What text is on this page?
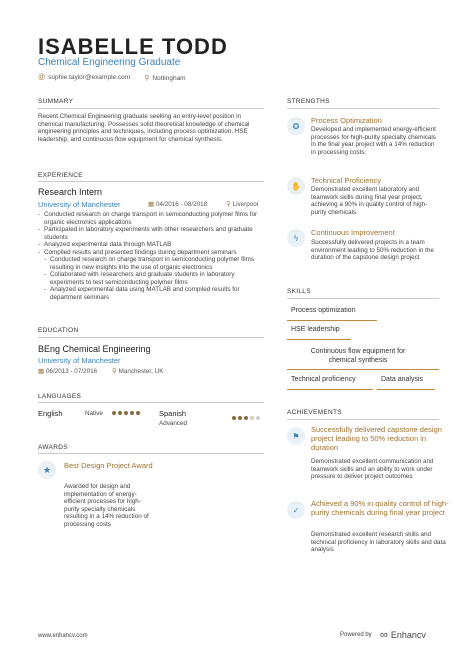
ISABELLE TODD
Chemical Engineering Graduate
@ sophie.taylor@example.com ⚲ Nottingham
SUMMARY
Recent Chemical Engineering graduate seeking an entry-level position in chemical manufacturing. Possesses solid theoretical knowledge of chemical engineering principles and techniques, including process optimization, HSE leadership, and continuous flow equipment for chemical synthesis.
EXPERIENCE
Research Intern
University of Manchester	▦ 04/2016 - 08/2018	⚲ Liverpool
- Conducted research on charge transport in semiconducting polymer films for organic electronics applications
- Participated in laboratory experiments with other researchers and graduate students
- Analyzed experimental data through MATLAB
- Compiled results and presented findings during department seminars
- Conducted research on charge transport in semiconducting polymer films resulting in new insights into the use of organic electronics
- Collaborated with researchers and graduate students in laboratory experiments to test semiconducting polymer films
- Analyzed experimental data using MATLAB and compiled results for department seminars
EDUCATION
BEng Chemical Engineering
University of Manchester
▦ 06/2013 - 07/2016 ⚲ Manchester, UK
LANGUAGES
English	Native	Spanish
Advanced
AWARDS
★	Best Design Project Award
Awarded for design and implementation of energy-efficient processes for high-purity specialty chemicals resulting in a 14% reduction of processing costs
STRENGTHS
✪
Process Optimization
Developed and implemented energy-efficient processes for high-purity specialty chemicals in the final year project with a 14% reduction in processing costs.
✋
Technical Proficiency
Demonstrated excellent laboratory and teamwork skills during final year project, achieving a 90% in quality control of high-purity chemicals
ϟ
Continuous Improvement
Successfully delivered projects in a team environment leading to 50% reduction in the duration of the capstone design project
SKILLS
Process optimization
HSE leadership
Continuous flow equipment for chemical synthesis
Technical proficiency	Data analysis
ACHIEVEMENTS
⚑
Successfully delivered capstone design project leading to 50% reduction in duration
Demonstrated excellent communication and teamwork skills and an ability to work under pressure to deliver project outcomes
✓
Achieved a 90% in quality control of high-purity chemicals during final year project
Demonstrated excellent research skills and technical proficiency in laboratory skills and data analysis
www.enhancv.com	Powered by ∞ Enhancv
